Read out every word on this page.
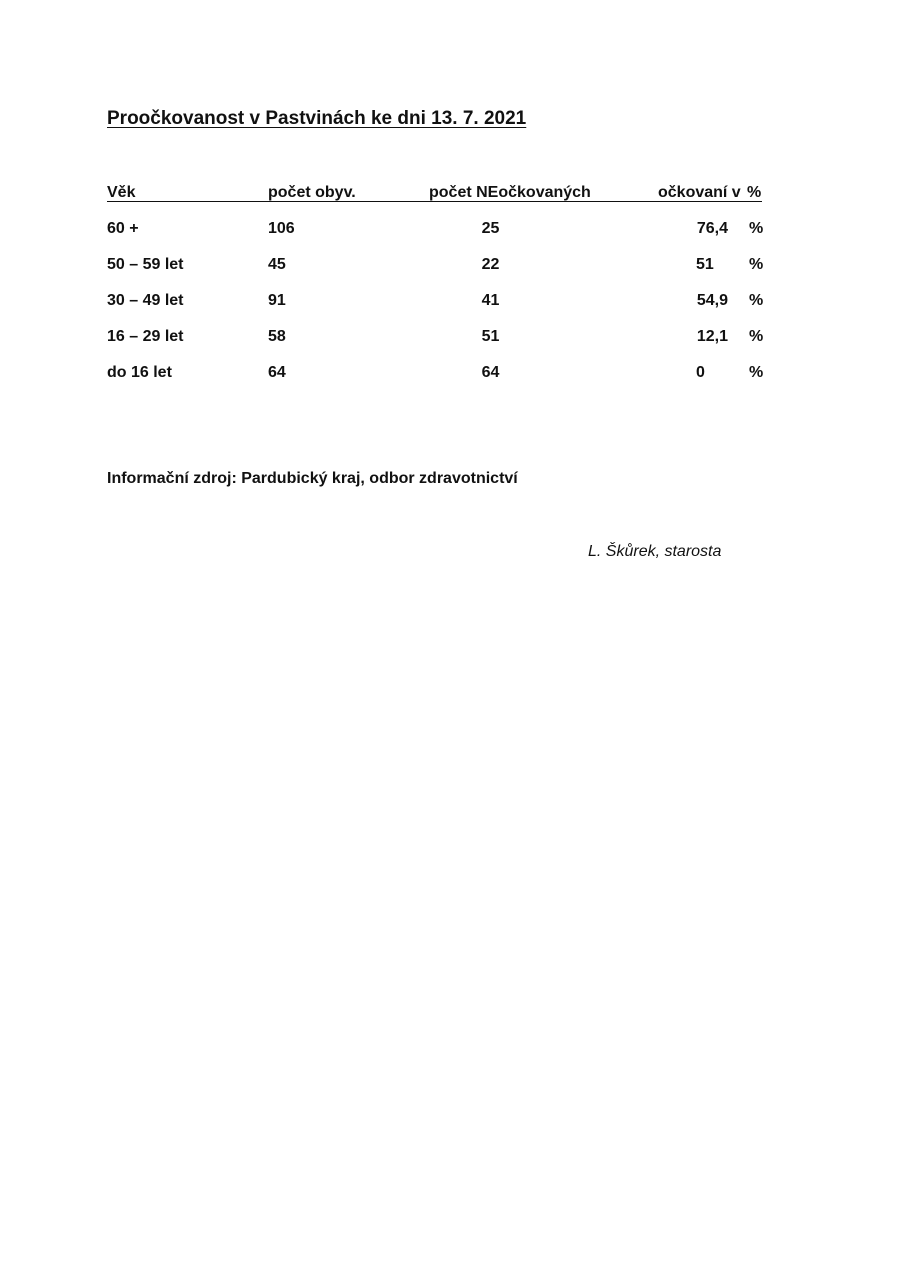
Proočkovanost v Pastvinách ke dni 13. 7. 2021
Věk	počet obyv.	počet NEočkovaných	očkovaní v %
60 +	106	25	76,4 %
50 – 59 let	45	22	51 %
30 – 49 let	91	41	54,9 %
16 – 29 let	58	51	12,1 %
do 16 let	64	64	0	%
Informační zdroj: Pardubický kraj, odbor zdravotnictví
L. Škůrek, starosta
